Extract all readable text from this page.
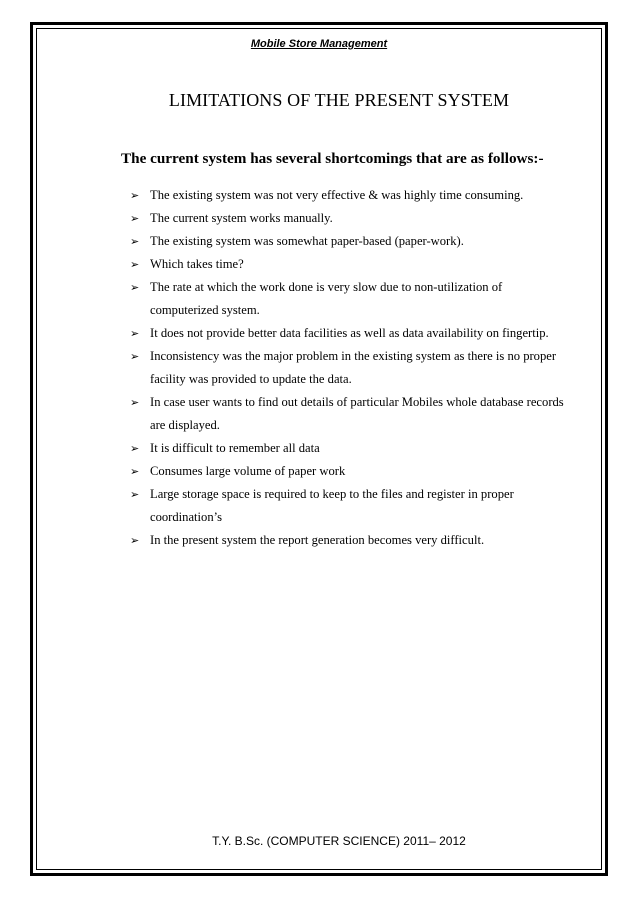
Mobile Store Management
LIMITATIONS OF THE PRESENT SYSTEM
The current system has several shortcomings that are as follows:-
➢ The existing system was not very effective & was highly time consuming.
➢ The current system works manually.
➢ The existing system was somewhat paper-based (paper-work).
➢ Which takes time?
➢ The rate at which the work done is very slow due to non-utilization of computerized system.
➢ It does not provide better data facilities as well as data availability on fingertip.
➢ Inconsistency was the major problem in the existing system as there is no proper facility was provided to update the data.
➢ In case user wants to find out details of particular Mobiles whole database records are displayed.
➢ It is difficult to remember all data
➢ Consumes large volume of paper work
➢ Large storage space is required to keep to the files and register in proper coordination’s
➢ In the present system the report generation becomes very difficult.
T.Y. B.Sc. (COMPUTER SCIENCE) 2011– 2012
